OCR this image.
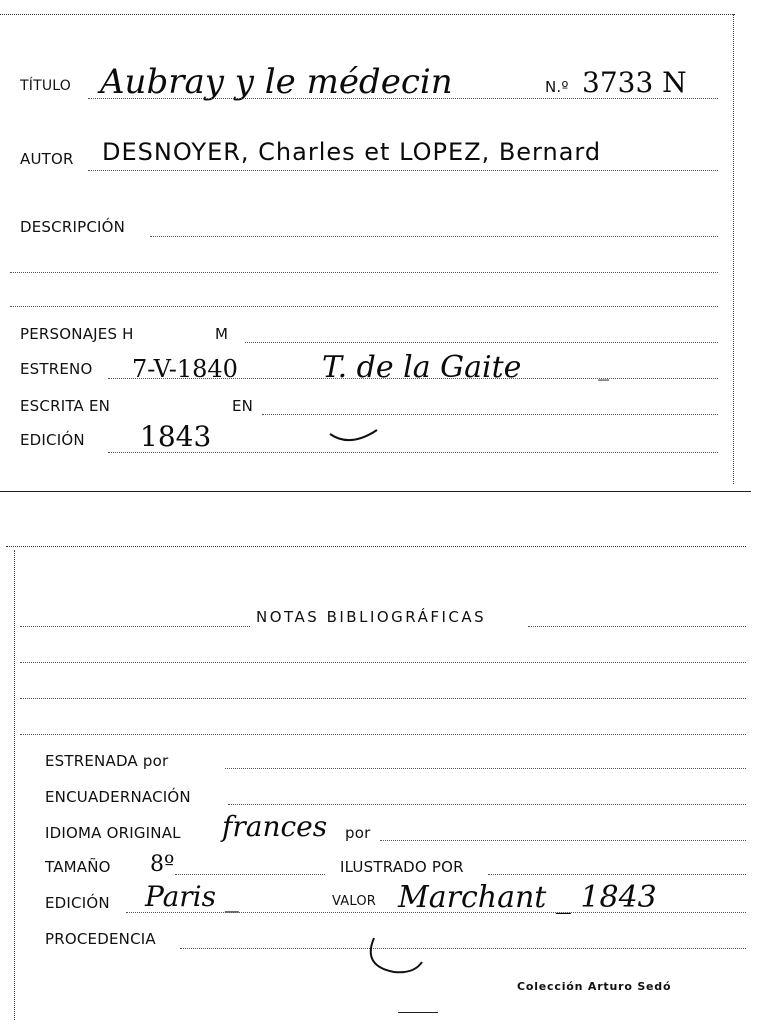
TÍTULO Aubray y le médecin	N.º 3733 N
AUTOR DESNOYER, Charles et LOPEZ, Bernard
DESCRIPCIÓN
PERSONAJES H	M
ESTRENO 7-V-1840	T. de la Gaite	_
ESCRITA EN	EN
EDICIÓN 1843
NOTAS BIBLIOGRÁFICAS
ESTRENADA por
ENCUADERNACIÓN
IDIOMA ORIGINAL frances por
TAMAÑO 8º	ILUSTRADO POR
EDICIÓN Paris _	VALOR Marchant _ 1843
PROCEDENCIA
Colección Arturo Sedó
